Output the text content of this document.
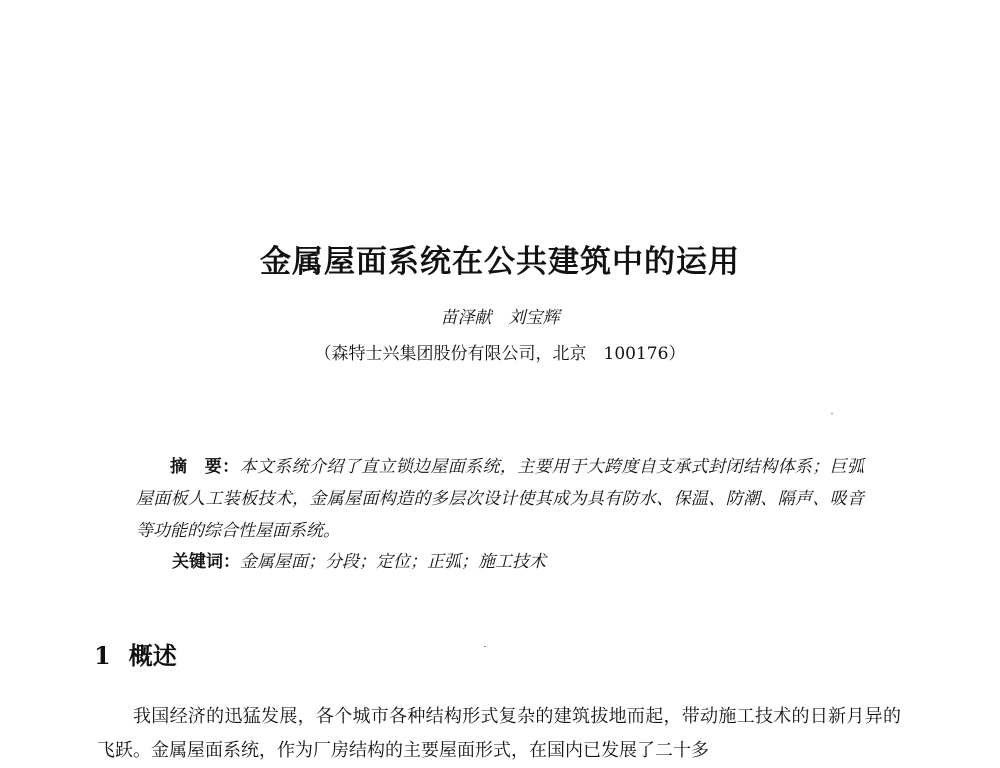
金属屋面系统在公共建筑中的运用
苗泽献　刘宝辉
（森特士兴集团股份有限公司，北京　100176）
摘　要：本文系统介绍了直立锁边屋面系统，主要用于大跨度自支承式封闭结构体系；巨弧屋面板人工装板技术，金属屋面构造的多层次设计使其成为具有防水、保温、防潮、隔声、吸音等功能的综合性屋面系统。
关键词：金属屋面；分段；定位；正弧；施工技术
1 概述
我国经济的迅猛发展，各个城市各种结构形式复杂的建筑拔地而起，带动施工技术的日新月异的飞跃。金属屋面系统，作为厂房结构的主要屋面形式，在国内已发展了二十多
